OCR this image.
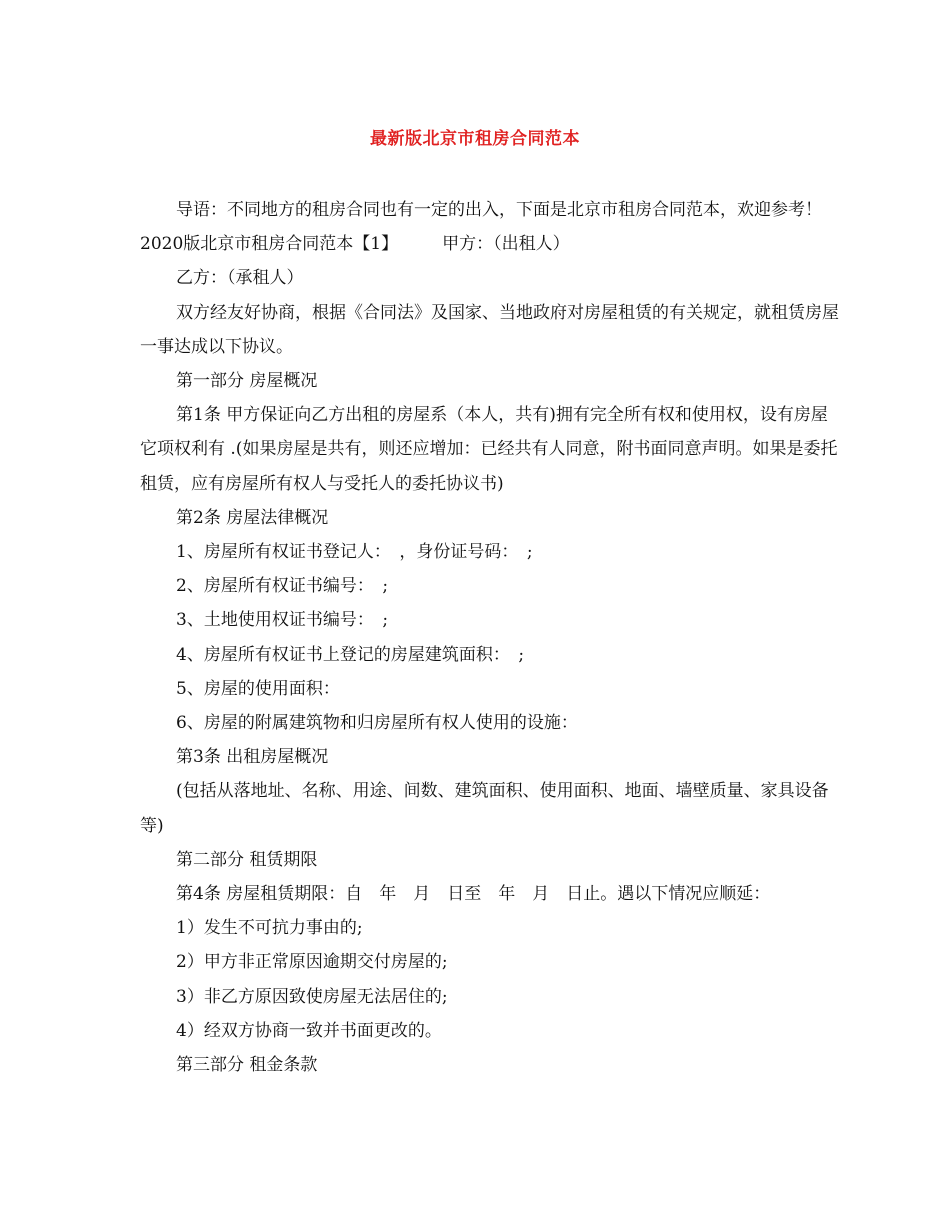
最新版北京市租房合同范本

导语：不同地方的租房合同也有一定的出入，下面是北京市租房合同范本，欢迎参考！

2020版北京市租房合同范本【1】	甲方：（出租人）

乙方：（承租人）

双方经友好协商，根据《合同法》及国家、当地政府对房屋租赁的有关规定，就租赁房屋一事达成以下协议。

第一部分 房屋概况

第1条 甲方保证向乙方出租的房屋系（本人，共有)拥有完全所有权和使用权，设有房屋它项权利有 .(如果房屋是共有，则还应增加：已经共有人同意，附书面同意声明。如果是委托租赁，应有房屋所有权人与受托人的委托协议书)

第2条 房屋法律概况

1、房屋所有权证书登记人：　，身份证号码：　;

2、房屋所有权证书编号：　;

3、土地使用权证书编号：　;

4、房屋所有权证书上登记的房屋建筑面积：　;

5、房屋的使用面积：

6、房屋的附属建筑物和归房屋所有权人使用的设施：

第3条 出租房屋概况

(包括从落地址、名称、用途、间数、建筑面积、使用面积、地面、墙壁质量、家具设备等)

第二部分 租赁期限

第4条 房屋租赁期限：自　年　月　日至　年　月　日止。遇以下情况应顺延：

1）发生不可抗力事由的;

2）甲方非正常原因逾期交付房屋的;

3）非乙方原因致使房屋无法居住的;

4）经双方协商一致并书面更改的。

第三部分 租金条款
